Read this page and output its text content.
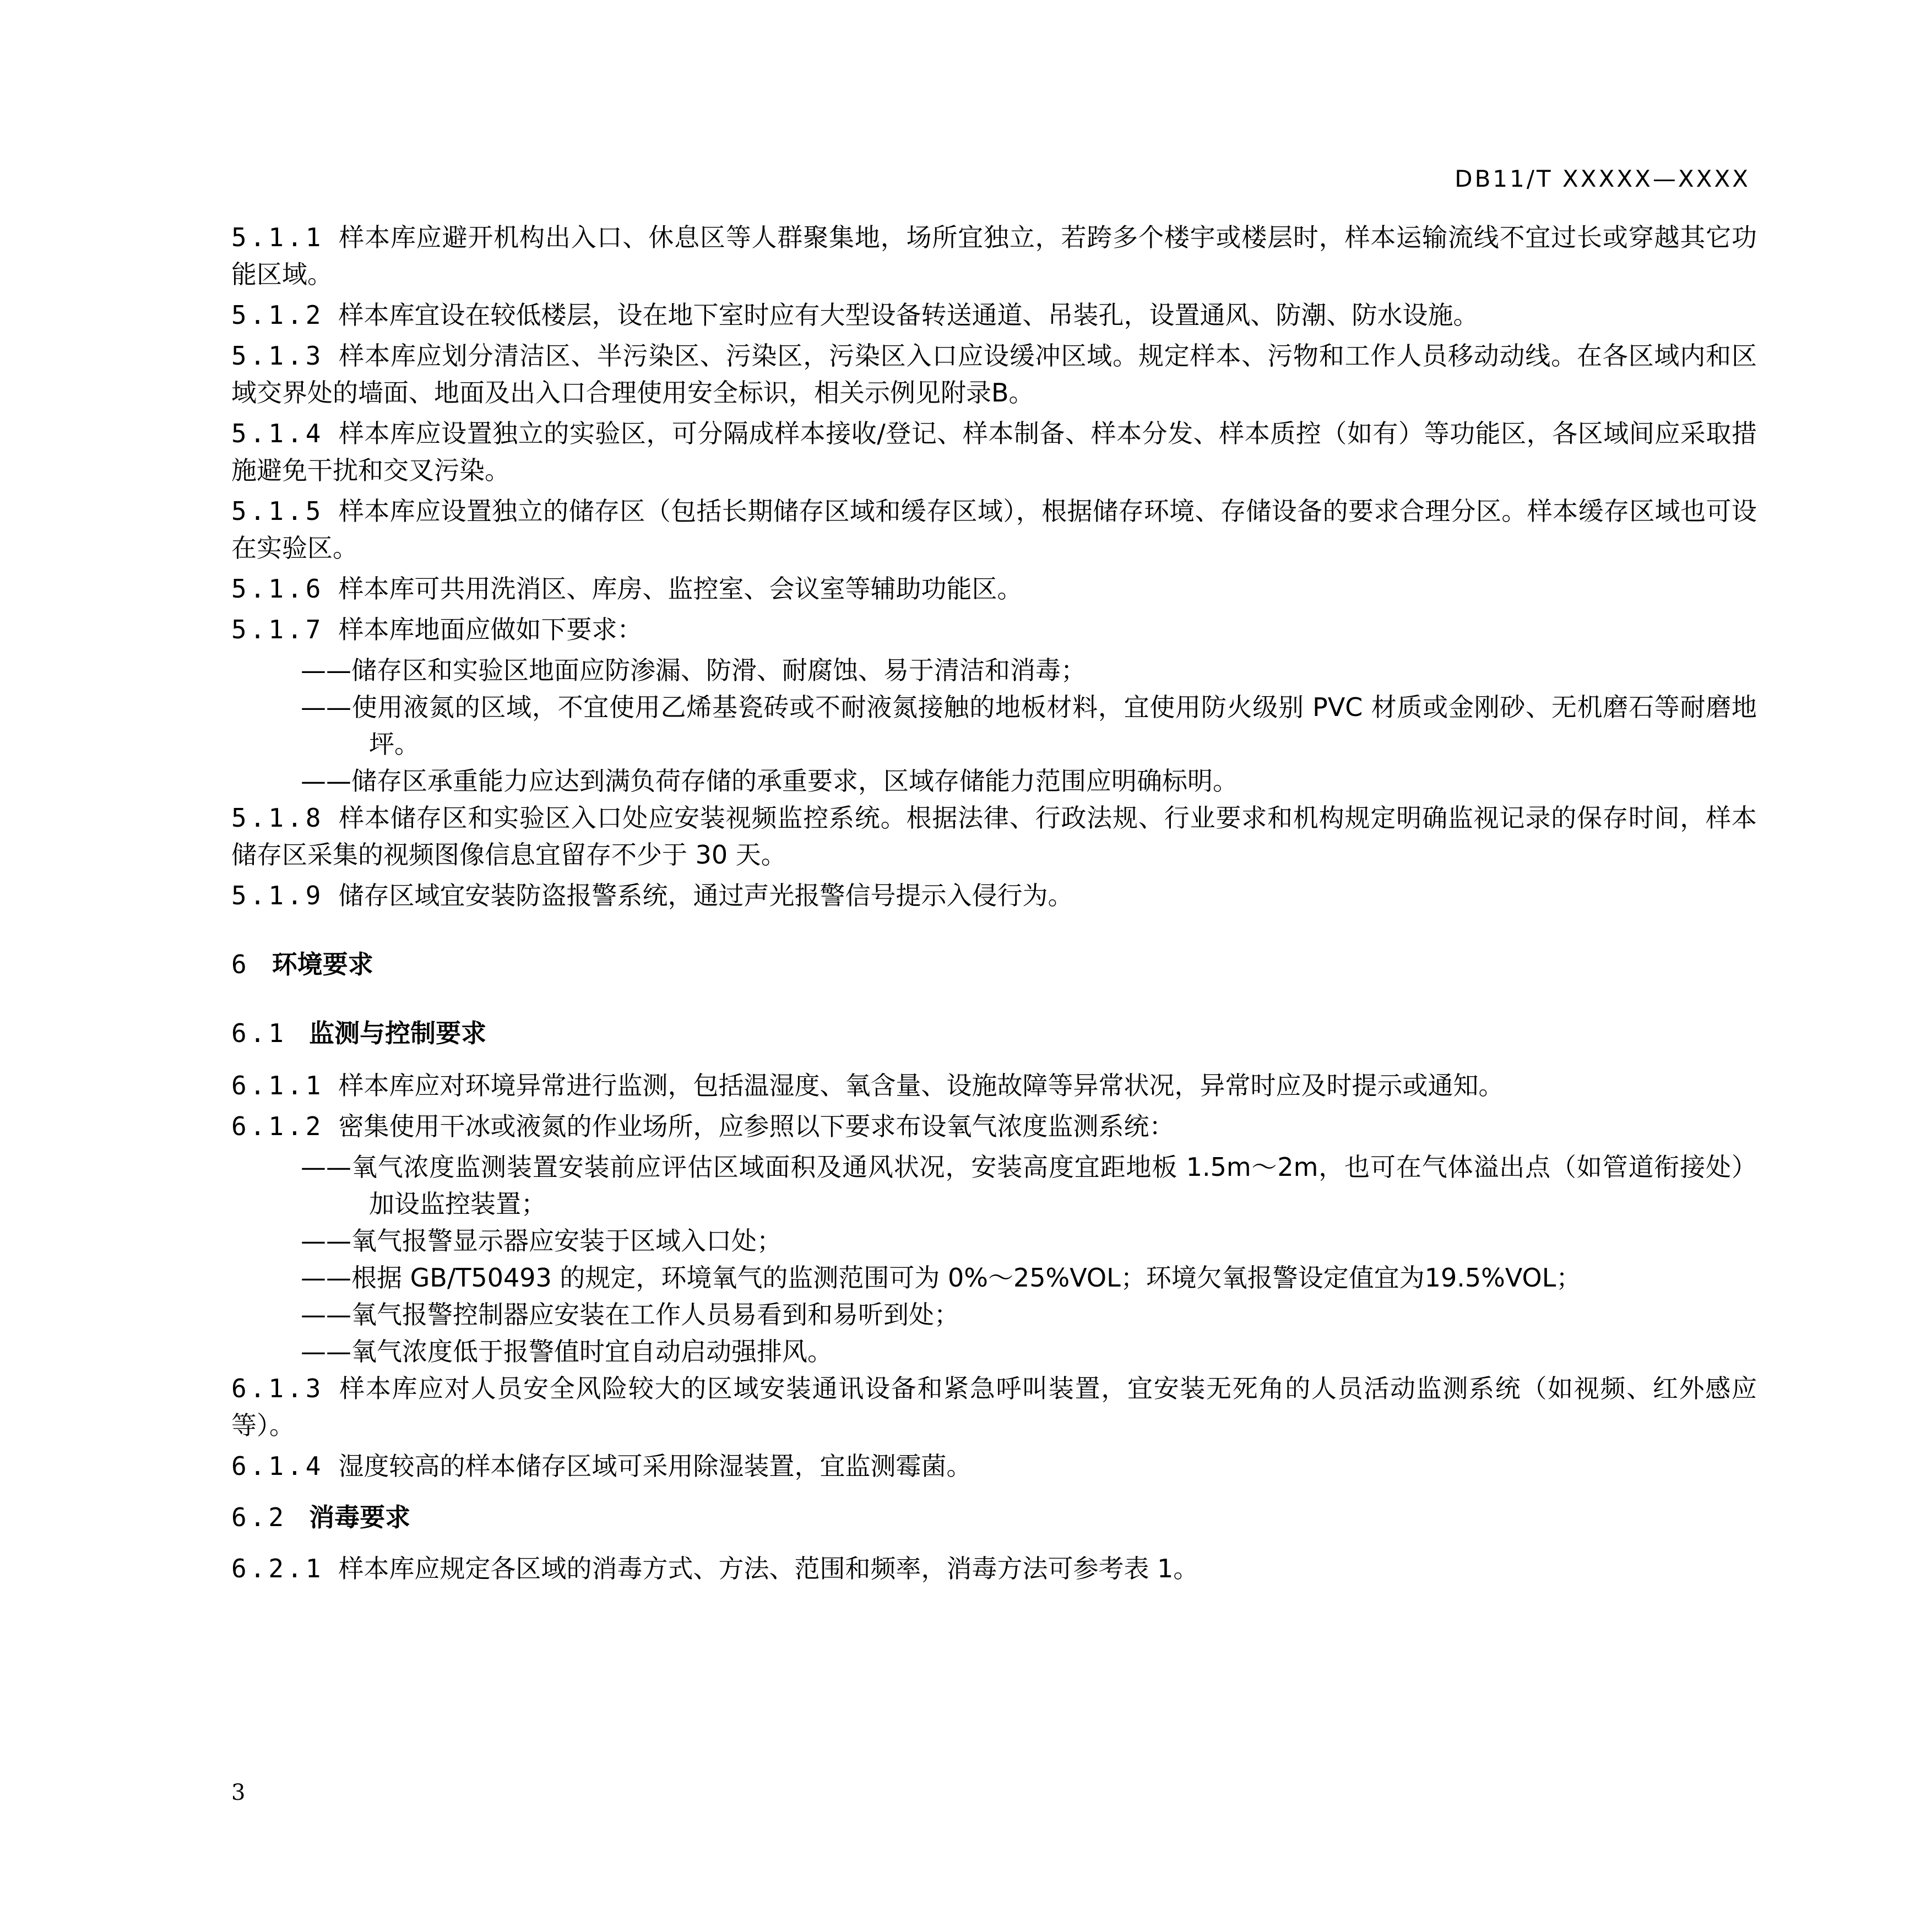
DB11/T XXXXX—XXXX

5.1.1 样本库应避开机构出入口、休息区等人群聚集地，场所宜独立，若跨多个楼宇或楼层时，样本运输流线不宜过长或穿越其它功能区域。

5.1.2 样本库宜设在较低楼层，设在地下室时应有大型设备转送通道、吊装孔，设置通风、防潮、防水设施。

5.1.3 样本库应划分清洁区、半污染区、污染区，污染区入口应设缓冲区域。规定样本、污物和工作人员移动动线。在各区域内和区域交界处的墙面、地面及出入口合理使用安全标识，相关示例见附录B。

5.1.4 样本库应设置独立的实验区，可分隔成样本接收/登记、样本制备、样本分发、样本质控（如有）等功能区，各区域间应采取措施避免干扰和交叉污染。

5.1.5 样本库应设置独立的储存区（包括长期储存区域和缓存区域），根据储存环境、存储设备的要求合理分区。样本缓存区域也可设在实验区。

5.1.6 样本库可共用洗消区、库房、监控室、会议室等辅助功能区。

5.1.7 样本库地面应做如下要求：

——储存区和实验区地面应防渗漏、防滑、耐腐蚀、易于清洁和消毒；

——使用液氮的区域，不宜使用乙烯基瓷砖或不耐液氮接触的地板材料，宜使用防火级别 PVC 材质或金刚砂、无机磨石等耐磨地坪。

——储存区承重能力应达到满负荷存储的承重要求，区域存储能力范围应明确标明。

5.1.8 样本储存区和实验区入口处应安装视频监控系统。根据法律、行政法规、行业要求和机构规定明确监视记录的保存时间，样本储存区采集的视频图像信息宜留存不少于 30 天。

5.1.9 储存区域宜安装防盗报警系统，通过声光报警信号提示入侵行为。

6 环境要求
6.1 监测与控制要求

6.1.1 样本库应对环境异常进行监测，包括温湿度、氧含量、设施故障等异常状况，异常时应及时提示或通知。

6.1.2 密集使用干冰或液氮的作业场所，应参照以下要求布设氧气浓度监测系统：

——氧气浓度监测装置安装前应评估区域面积及通风状况，安装高度宜距地板 1.5m～2m，也可在气体溢出点（如管道衔接处）加设监控装置；

——氧气报警显示器应安装于区域入口处；

——根据 GB/T50493 的规定，环境氧气的监测范围可为 0%～25%VOL；环境欠氧报警设定值宜为19.5%VOL；

——氧气报警控制器应安装在工作人员易看到和易听到处；

——氧气浓度低于报警值时宜自动启动强排风。

6.1.3 样本库应对人员安全风险较大的区域安装通讯设备和紧急呼叫装置，宜安装无死角的人员活动监测系统（如视频、红外感应等）。

6.1.4 湿度较高的样本储存区域可采用除湿装置，宜监测霉菌。

6.2 消毒要求

6.2.1 样本库应规定各区域的消毒方式、方法、范围和频率，消毒方法可参考表 1。

3
